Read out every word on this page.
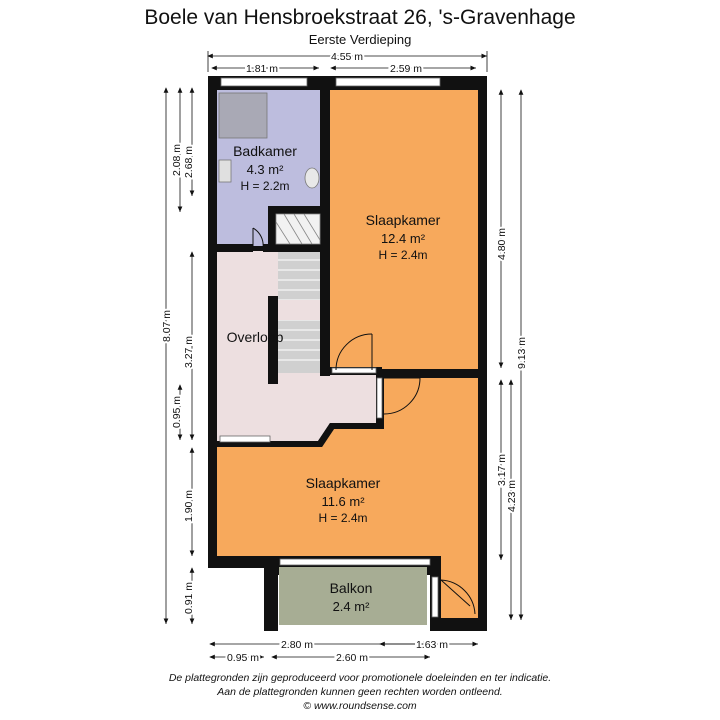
Boele van Hensbroekstraat 26, 's-Gravenhage
Eerste Verdieping
Badkamer
4.3 m²
H = 2.2m
Slaapkamer
12.4 m²
H = 2.4m
Overloop
Slaapkamer
11.6 m²
H = 2.4m
Balkon
2.4 m²
4.55 m
1.81 m	2.59 m
8.07 m
2.08 m 2.68 m
3.27 m
0.95 m
1.90 m
0.91 m
4.80 m
9.13 m
3.17 m
4.23 m
2.80 m	1.63 m
0.95 m	2.60 m
De plattegronden zijn geproduceerd voor promotionele doeleinden en ter indicatie.
Aan de plattegronden kunnen geen rechten worden ontleend.
© www.roundsense.com
